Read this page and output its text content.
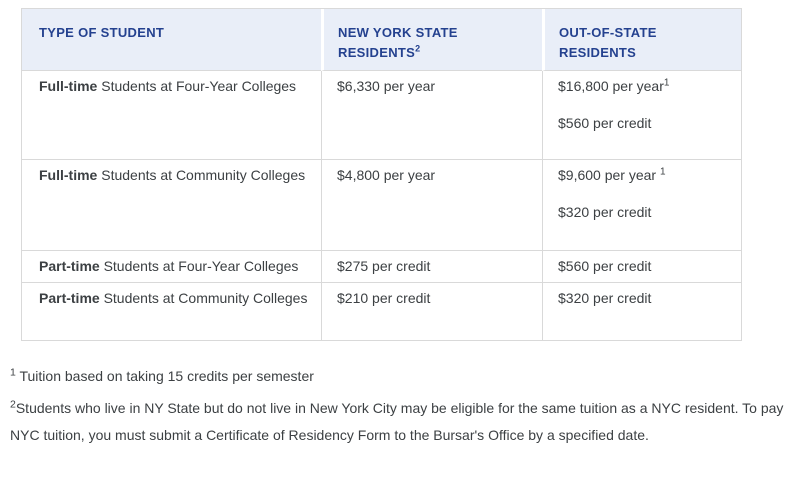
TYPE OF STUDENT	NEW YORK STATE RESIDENTS$^2$	OUT-OF-STATE RESIDENTS
Full-time Students at Four-Year Colleges	$6,330 per year	$16,800 per year$^1$
$560 per credit

Full-time Students at Community Colleges	$4,800 per year	$9,600 per year $^1$
$320 per credit

Part-time Students at Four-Year Colleges	$275 per credit	$560 per credit

Part-time Students at Community Colleges	$210 per credit	$320 per credit

$^1$ Tuition based on taking 15 credits per semester

$^2$Students who live in NY State but do not live in New York City may be eligible for the same tuition as a NYC resident. To pay NYC tuition, you must submit a Certificate of Residency Form to the Bursar's Office by a specified date.
